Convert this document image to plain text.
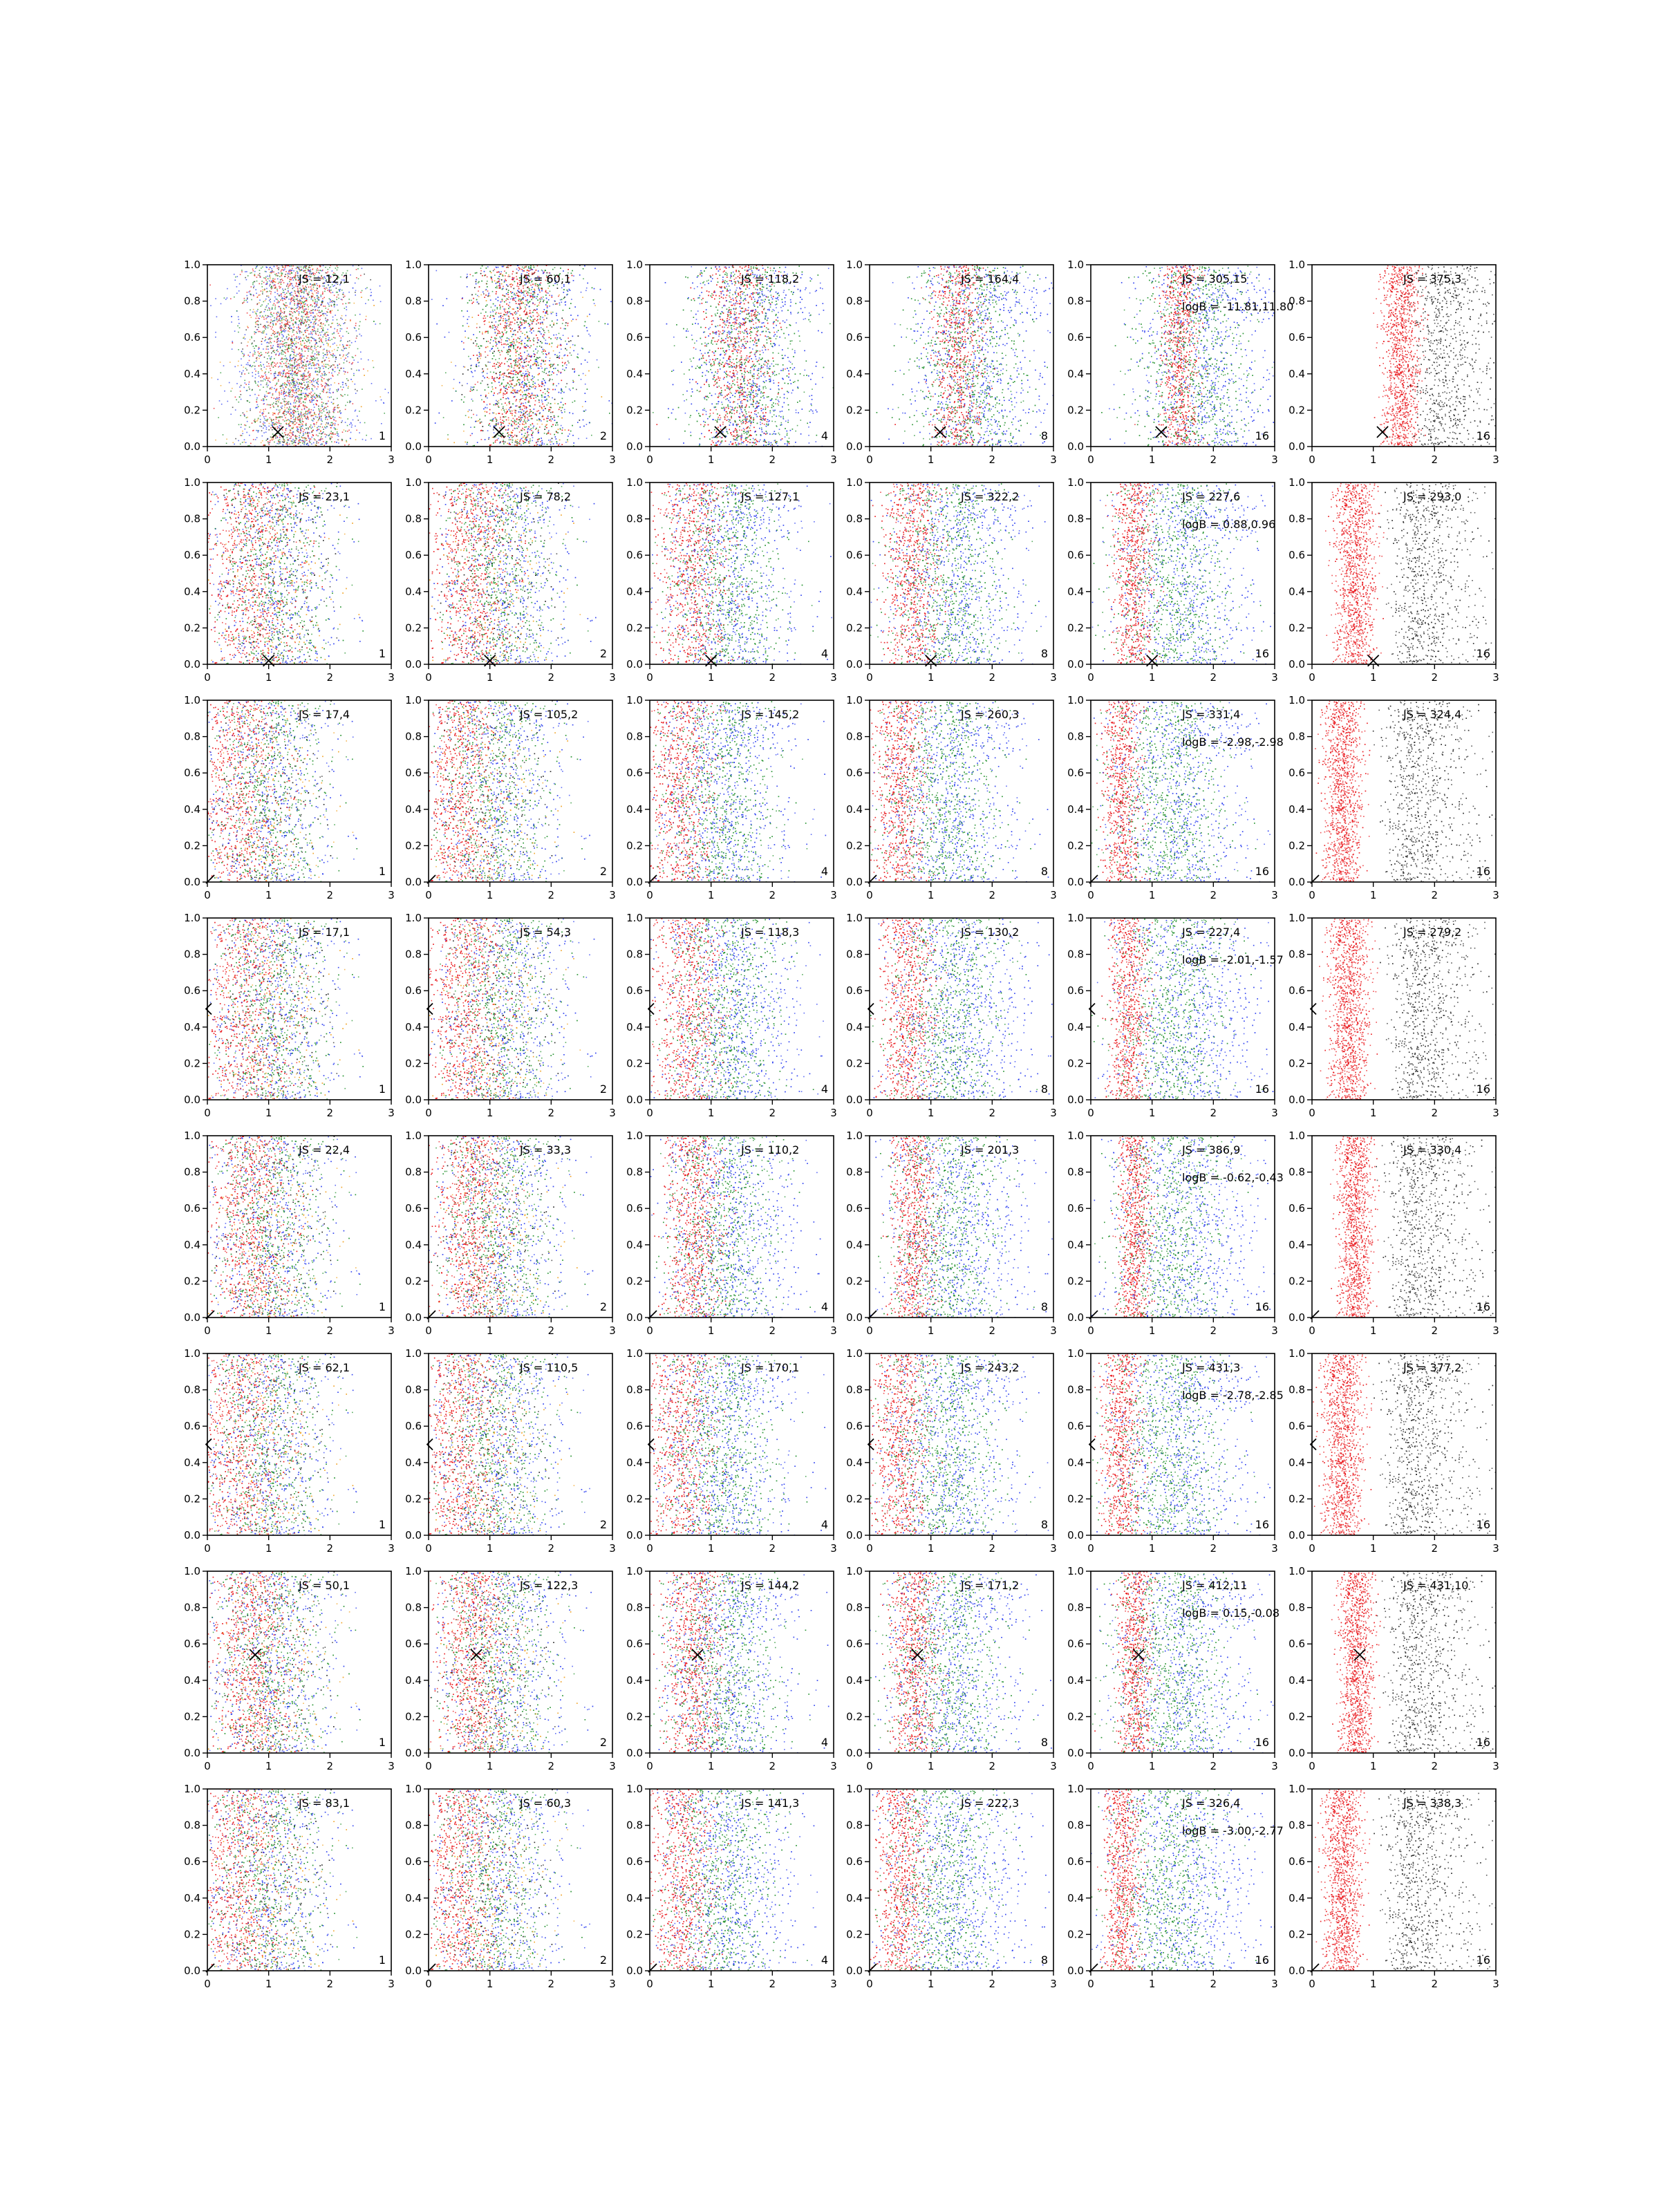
0	1	2	3
0.0
0.2
0.4
0.6
0.8
1.0
JS = 12,1
1
0	1	2	3
0.0
0.2
0.4
0.6
0.8
1.0
JS = 60,1
2
0	1	2	3
0.0
0.2
0.4
0.6
0.8
1.0
JS = 118,2
4
0	1	2	3
0.0
0.2
0.4
0.6
0.8
1.0
JS = 164,4
8
0	1	2	3
0.0
0.2
0.4
0.6
0.8
1.0
JS = 305,15
logB = -11.81,11.80
16
0	1	2	3
0.0
0.2
0.4
0.6
0.8
1.0
JS = 375,3
16
0	1	2	3
0.0
0.2
0.4
0.6
0.8
1.0
JS = 23,1
1
0	1	2	3
0.0
0.2
0.4
0.6
0.8
1.0
JS = 78,2
2
0	1	2	3
0.0
0.2
0.4
0.6
0.8
1.0
JS = 127,1
4
0	1	2	3
0.0
0.2
0.4
0.6
0.8
1.0
JS = 322,2
8
0	1	2	3
0.0
0.2
0.4
0.6
0.8
1.0
JS = 227,6
logB = 0.88,0.96
16
0	1	2	3
0.0
0.2
0.4
0.6
0.8
1.0
JS = 293,0
16
0	1	2	3
0.0
0.2
0.4
0.6
0.8
1.0
JS = 17,4
1
0	1	2	3
0.0
0.2
0.4
0.6
0.8
1.0
JS = 105,2
2
0	1	2	3
0.0
0.2
0.4
0.6
0.8
1.0
JS = 145,2
4
0	1	2	3
0.0
0.2
0.4
0.6
0.8
1.0
JS = 260,3
8
0	1	2	3
0.0
0.2
0.4
0.6
0.8
1.0
JS = 331,4
logB = -2.98,-2.98
16
0	1	2	3
0.0
0.2
0.4
0.6
0.8
1.0
JS = 324,4
16
0	1	2	3
0.0
0.2
0.4
0.6
0.8
1.0
JS = 17,1
1
0	1	2	3
0.0
0.2
0.4
0.6
0.8
1.0
JS = 54,3
2
0	1	2	3
0.0
0.2
0.4
0.6
0.8
1.0
JS = 118,3
4
0	1	2	3
0.0
0.2
0.4
0.6
0.8
1.0
JS = 130,2
8
0	1	2	3
0.0
0.2
0.4
0.6
0.8
1.0
JS = 227,4
logB = -2.01,-1.57
16
0	1	2	3
0.0
0.2
0.4
0.6
0.8
1.0
JS = 279,2
16
0	1	2	3
0.0
0.2
0.4
0.6
0.8
1.0
JS = 22,4
1
0	1	2	3
0.0
0.2
0.4
0.6
0.8
1.0
JS = 33,3
2
0	1	2	3
0.0
0.2
0.4
0.6
0.8
1.0
JS = 110,2
4
0	1	2	3
0.0
0.2
0.4
0.6
0.8
1.0
JS = 201,3
8
0	1	2	3
0.0
0.2
0.4
0.6
0.8
1.0
JS = 386,9
logB = -0.62,-0.43
16
0	1	2	3
0.0
0.2
0.4
0.6
0.8
1.0
JS = 330,4
16
0	1	2	3
0.0
0.2
0.4
0.6
0.8
1.0
JS = 62,1
1
0	1	2	3
0.0
0.2
0.4
0.6
0.8
1.0
JS = 110,5
2
0	1	2	3
0.0
0.2
0.4
0.6
0.8
1.0
JS = 170,1
4
0	1	2	3
0.0
0.2
0.4
0.6
0.8
1.0
JS = 243,2
8
0	1	2	3
0.0
0.2
0.4
0.6
0.8
1.0
JS = 431,3
logB = -2.78,-2.85
16
0	1	2	3
0.0
0.2
0.4
0.6
0.8
1.0
JS = 377,2
16
0	1	2	3
0.0
0.2
0.4
0.6
0.8
1.0
JS = 50,1
1
0	1	2	3
0.0
0.2
0.4
0.6
0.8
1.0
JS = 122,3
2
0	1	2	3
0.0
0.2
0.4
0.6
0.8
1.0
JS = 144,2
4
0	1	2	3
0.0
0.2
0.4
0.6
0.8
1.0
JS = 171,2
8
0	1	2	3
0.0
0.2
0.4
0.6
0.8
1.0
JS = 412,11
logB = 0.15,-0.08
16
0	1	2	3
0.0
0.2
0.4
0.6
0.8
1.0
JS = 431,10
16
0	1	2	3
0.0
0.2
0.4
0.6
0.8
1.0
JS = 83,1
1
0	1	2	3
0.0
0.2
0.4
0.6
0.8
1.0
JS = 60,3
2
0	1	2	3
0.0
0.2
0.4
0.6
0.8
1.0
JS = 141,3
4
0	1	2	3
0.0
0.2
0.4
0.6
0.8
1.0
JS = 222,3
8
0	1	2	3
0.0
0.2
0.4
0.6
0.8
1.0
JS = 326,4
logB = -3.00,-2.77
16
0	1	2	3
0.0
0.2
0.4
0.6
0.8
1.0
JS = 338,3
16
